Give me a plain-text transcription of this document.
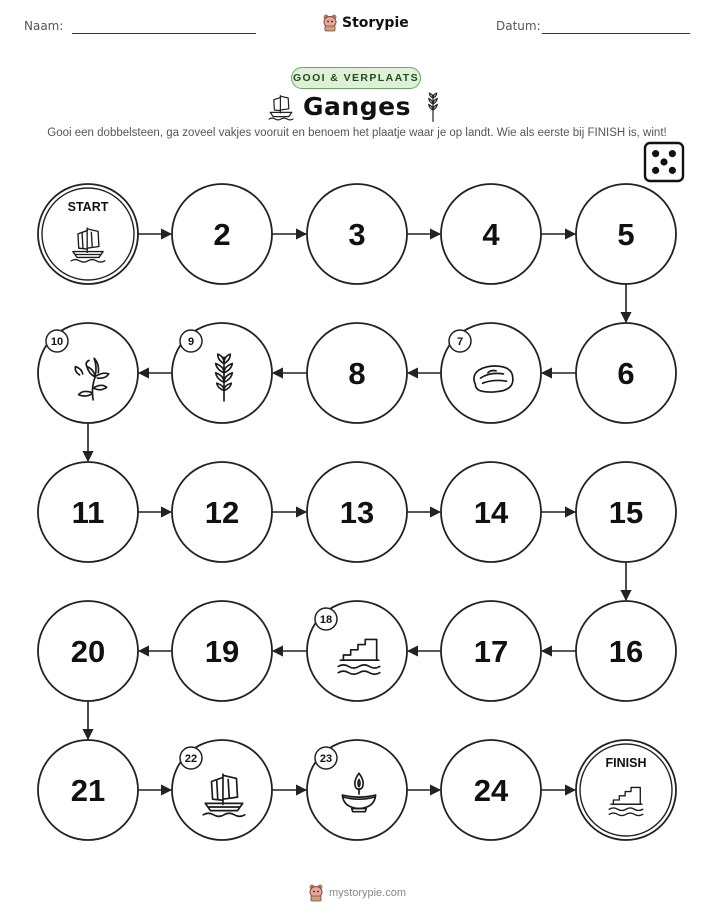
Naam:	Datum:
Storypie
GOOI & VERPLAATS
Ganges
Gooi een dobbelsteen, ga zoveel vakjes vooruit en benoem het plaatje waar je op landt. Wie als eerste bij FINISH is, wint!
START
2	3	4	5
6
7
8
9
10
11	12	13	14	15
16
17
18
19
20
21
22	23
24
FINISH
mystorypie.com
